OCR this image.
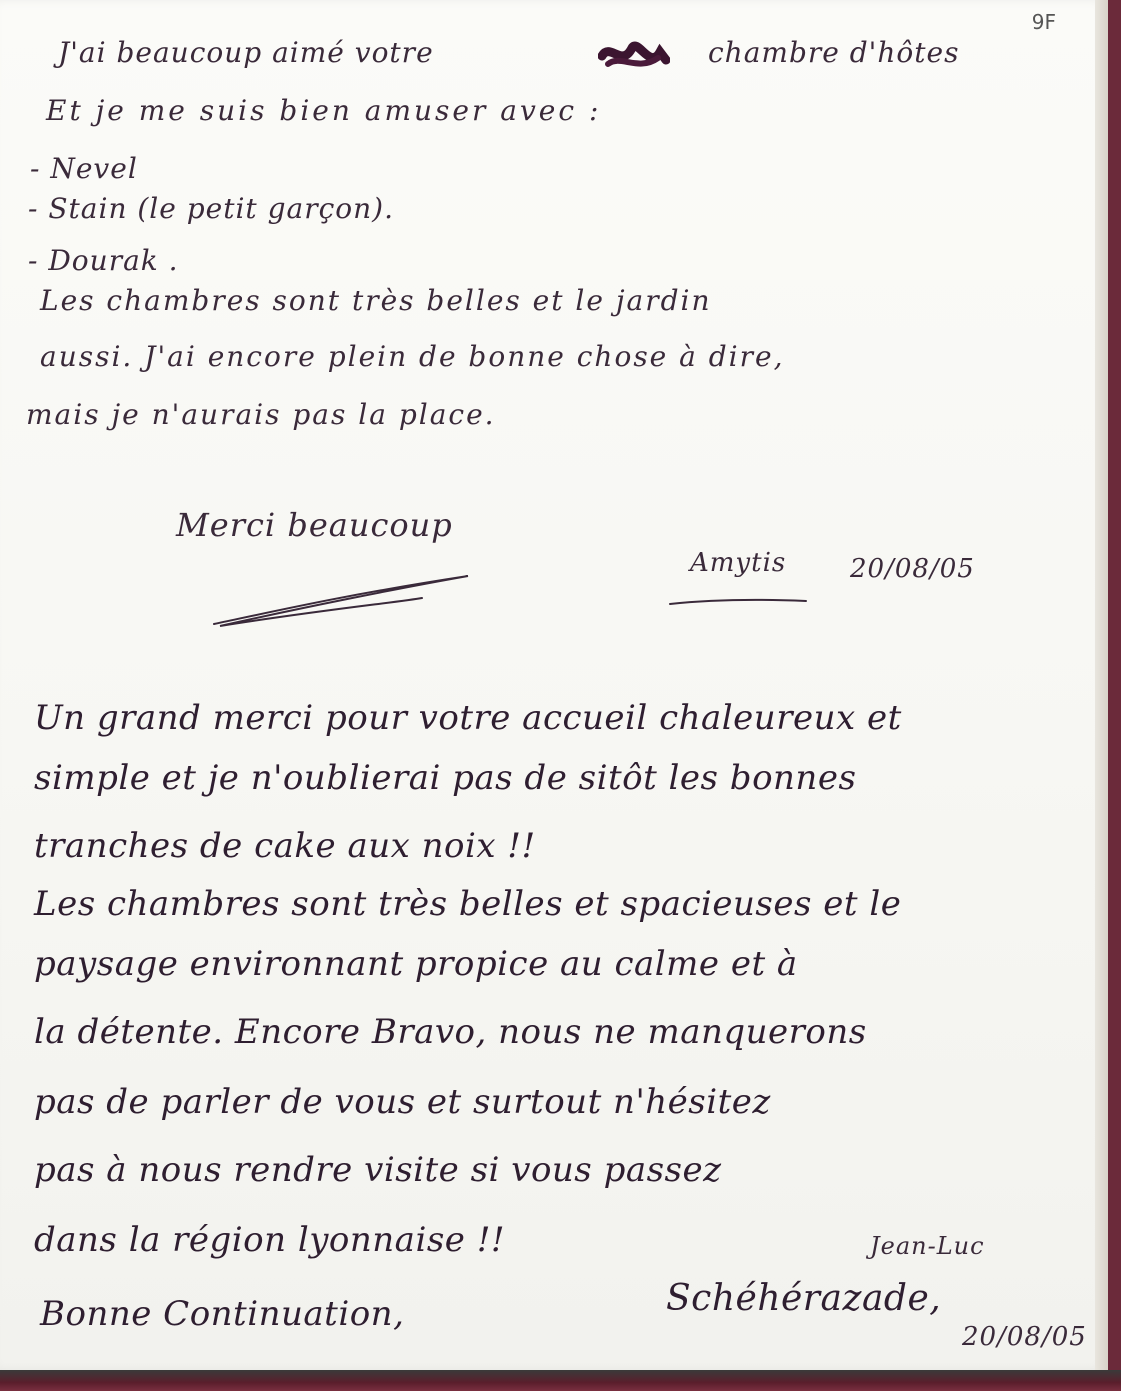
9F
J'ai beaucoup aimé votre	chambre d'hôtes
Et je me suis bien amuser avec :
- Nevel
- Stain (le petit garçon).
- Dourak .
Les chambres sont très belles et le jardin
aussi. J'ai encore plein de bonne chose à dire,
mais je n'aurais pas la place.
Merci beaucoup
Amytis 20/08/05
Un grand merci pour votre accueil chaleureux et
simple et je n'oublierai pas de sitôt les bonnes
tranches de cake aux noix !!
Les chambres sont très belles et spacieuses et le
paysage environnant propice au calme et à
la détente. Encore Bravo, nous ne manquerons
pas de parler de vous et surtout n'hésitez
pas à nous rendre visite si vous passez
dans la région lyonnaise !!	Jean-Luc
Bonne Continuation,	Schéhérazade,
20/08/05
